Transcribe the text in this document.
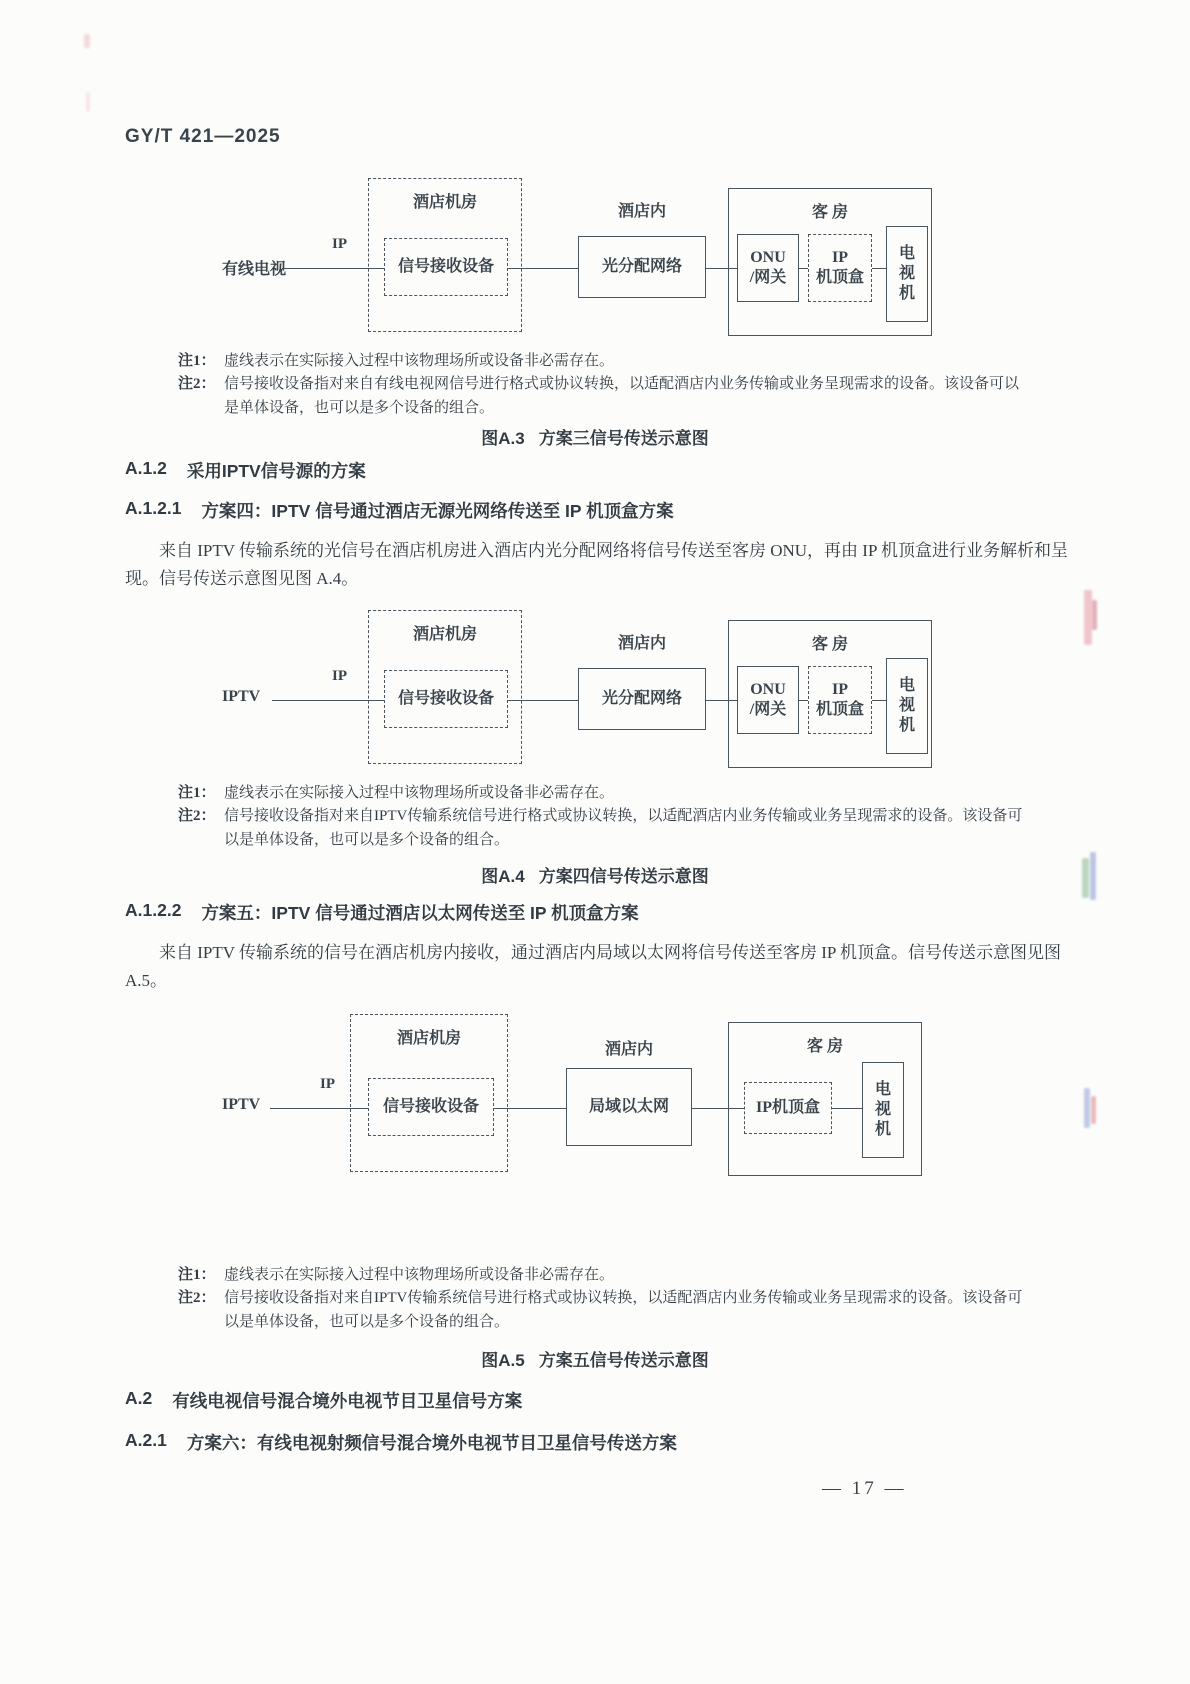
GY/T 421—2025
有线电视
IP
酒店机房
信号接收设备
酒店内
光分配网络
客 房
ONU
/网关
IP
机顶盒
电
视
机
注1： 虚线表示在实际接入过程中该物理场所或设备非必需存在。
注2： 信号接收设备指对来自有线电视网信号进行格式或协议转换，以适配酒店内业务传输或业务呈现需求的设备。该设备可以是单体设备，也可以是多个设备的组合。
图A.3 方案三信号传送示意图
A.1.2 采用IPTV信号源的方案
A.1.2.1 方案四：IPTV 信号通过酒店无源光网络传送至 IP 机顶盒方案
来自 IPTV 传输系统的光信号在酒店机房进入酒店内光分配网络将信号传送至客房 ONU，再由 IP 机顶盒进行业务解析和呈现。信号传送示意图见图 A.4。
IPTV
IP
酒店机房
信号接收设备
酒店内
光分配网络
客 房
ONU
/网关
IP
机顶盒
电
视
机
注1： 虚线表示在实际接入过程中该物理场所或设备非必需存在。
注2： 信号接收设备指对来自IPTV传输系统信号进行格式或协议转换，以适配酒店内业务传输或业务呈现需求的设备。该设备可以是单体设备，也可以是多个设备的组合。
图A.4 方案四信号传送示意图
A.1.2.2 方案五：IPTV 信号通过酒店以太网传送至 IP 机顶盒方案
来自 IPTV 传输系统的信号在酒店机房内接收，通过酒店内局域以太网将信号传送至客房 IP 机顶盒。信号传送示意图见图 A.5。
IPTV
IP
酒店机房
信号接收设备
酒店内
局域以太网
客 房
IP机顶盒
电
视
机
注1： 虚线表示在实际接入过程中该物理场所或设备非必需存在。
注2： 信号接收设备指对来自IPTV传输系统信号进行格式或协议转换，以适配酒店内业务传输或业务呈现需求的设备。该设备可以是单体设备，也可以是多个设备的组合。
图A.5 方案五信号传送示意图
A.2 有线电视信号混合境外电视节目卫星信号方案
A.2.1 方案六：有线电视射频信号混合境外电视节目卫星信号传送方案
— 17 —
